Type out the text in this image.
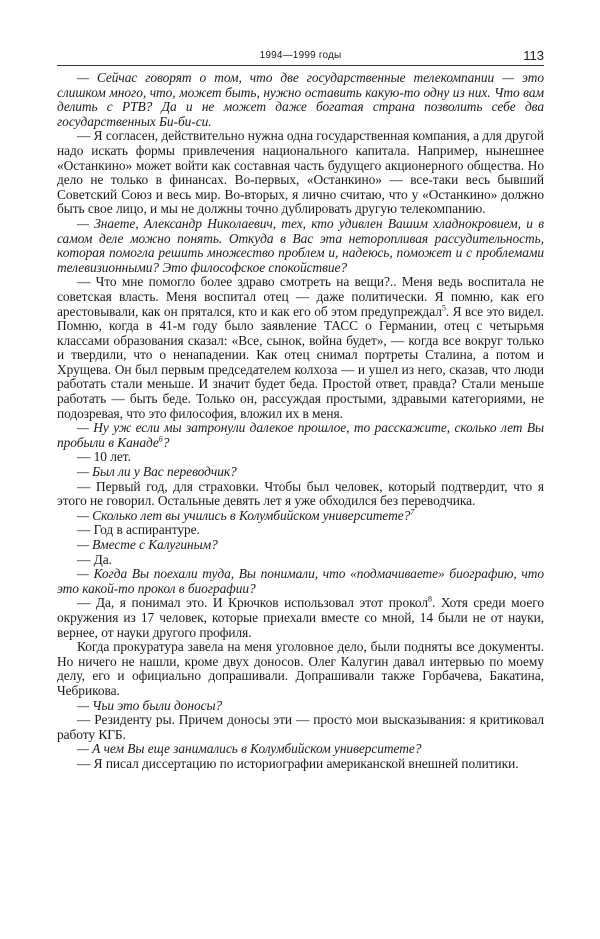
1994—1999 годы	113

— Сейчас говорят о том, что две государственные телекомпании — это слишком много, что, может быть, нужно оставить какую-то одну из них. Что вам делить с РТВ? Да и не может даже богатая страна позволить себе два государственных Би-би-си.

— Я согласен, действительно нужна одна государственная компания, а для другой надо искать формы привлечения национального капитала. Например, нынешнее «Останкино» может войти как составная часть будущего акционерного общества. Но дело не только в финансах. Во-первых, «Останкино» — все-таки весь бывший Советский Союз и весь мир. Во-вторых, я лично считаю, что у «Останкино» должно быть свое лицо, и мы не должны точно дублировать другую телекомпанию.

— Знаете, Александр Николаевич, тех, кто удивлен Вашим хладнокровием, и в самом деле можно понять. Откуда в Вас эта неторопливая рассудительность, которая помогла решить множество проблем и, надеюсь, поможет и с проблемами телевизионными? Это философское спокойствие?

— Что мне помогло более здраво смотреть на вещи?.. Меня ведь воспитала не советская власть. Меня воспитал отец — даже политически. Я помню, как его арестовывали, как он прятался, кто и как его об этом предупреждал$^5$. Я все это видел. Помню, когда в 41-м году было заявление ТАСС о Германии, отец с четырьмя классами образования сказал: «Все, сынок, война будет», — когда все вокруг только и твердили, что о ненападении. Как отец снимал портреты Сталина, а потом и Хрущева. Он был первым председателем колхоза — и ушел из него, сказав, что люди работать стали меньше. И значит будет беда. Простой ответ, правда? Стали меньше работать — быть беде. Только он, рассуждая простыми, здравыми категориями, не подозревая, что это философия, вложил их в меня.

— Ну уж если мы затронули далекое прошлое, то расскажите, сколько лет Вы пробыли в Канаде$^6$?

— 10 лет.

— Был ли у Вас переводчик?

— Первый год, для страховки. Чтобы был человек, который подтвердит, что я этого не говорил. Остальные девять лет я уже обходился без переводчика.

— Сколько лет вы учились в Колумбийском университете?$^7$

— Год в аспирантуре.

— Вместе с Калугиным?

— Да.

— Когда Вы поехали туда, Вы понимали, что «подмачиваете» биографию, что это какой-то прокол в биографии?

— Да, я понимал это. И Крючков использовал этот прокол$^8$. Хотя среди моего окружения из 17 человек, которые приехали вместе со мной, 14 были не от науки, вернее, от науки другого профиля.

Когда прокуратура завела на меня уголовное дело, были подняты все документы. Но ничего не нашли, кроме двух доносов. Олег Калугин давал интервью по моему делу, его и официально допрашивали. Допрашивали также Горбачева, Бакатина, Чебрикова.

— Чьи это были доносы?

— Резиденту ры. Причем доносы эти — просто мои высказывания: я критиковал работу КГБ.

— А чем Вы еще занимались в Колумбийском университете?

— Я писал диссертацию по историографии американской внешней политики.
